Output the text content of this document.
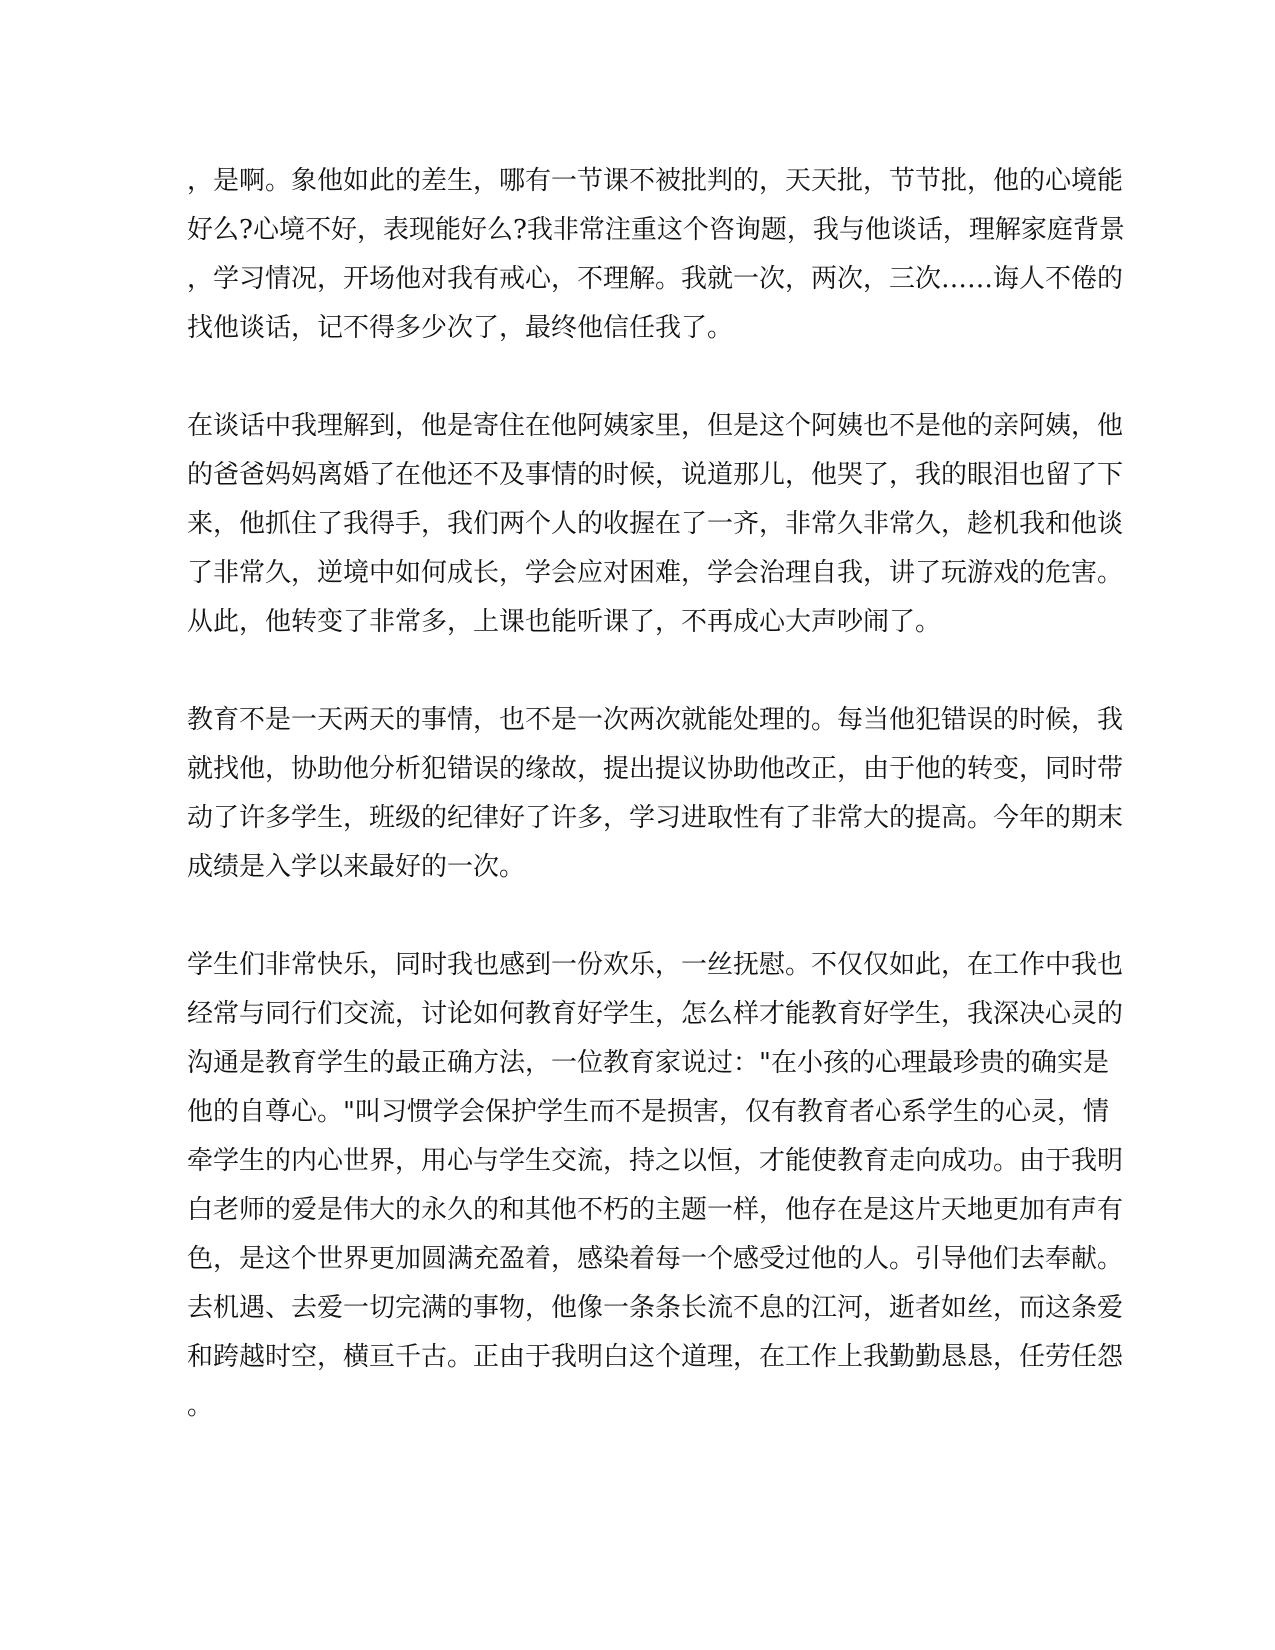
，是啊。象他如此的差生，哪有一节课不被批判的，天天批，节节批，他的心境能
好么?心境不好，表现能好么?我非常注重这个咨询题，我与他谈话，理解家庭背景
，学习情况，开场他对我有戒心，不理解。我就一次，两次，三次……诲人不倦的
找他谈话，记不得多少次了，最终他信任我了。
在谈话中我理解到，他是寄住在他阿姨家里，但是这个阿姨也不是他的亲阿姨，他
的爸爸妈妈离婚了在他还不及事情的时候，说道那儿，他哭了，我的眼泪也留了下
来，他抓住了我得手，我们两个人的收握在了一齐，非常久非常久，趁机我和他谈
了非常久，逆境中如何成长，学会应对困难，学会治理自我，讲了玩游戏的危害。
从此，他转变了非常多，上课也能听课了，不再成心大声吵闹了。
教育不是一天两天的事情，也不是一次两次就能处理的。每当他犯错误的时候，我
就找他，协助他分析犯错误的缘故，提出提议协助他改正，由于他的转变，同时带
动了许多学生，班级的纪律好了许多，学习进取性有了非常大的提高。今年的期末
成绩是入学以来最好的一次。
学生们非常快乐，同时我也感到一份欢乐，一丝抚慰。不仅仅如此，在工作中我也
经常与同行们交流，讨论如何教育好学生，怎么样才能教育好学生，我深决心灵的
沟通是教育学生的最正确方法，一位教育家说过："在小孩的心理最珍贵的确实是
他的自尊心。"叫习惯学会保护学生而不是损害，仅有教育者心系学生的心灵，情
牵学生的内心世界，用心与学生交流，持之以恒，才能使教育走向成功。由于我明
白老师的爱是伟大的永久的和其他不朽的主题一样，他存在是这片天地更加有声有
色，是这个世界更加圆满充盈着，感染着每一个感受过他的人。引导他们去奉献。
去机遇、去爱一切完满的事物，他像一条条长流不息的江河，逝者如丝，而这条爱
和跨越时空，横亘千古。正由于我明白这个道理，在工作上我勤勤恳恳，任劳任怨
。
